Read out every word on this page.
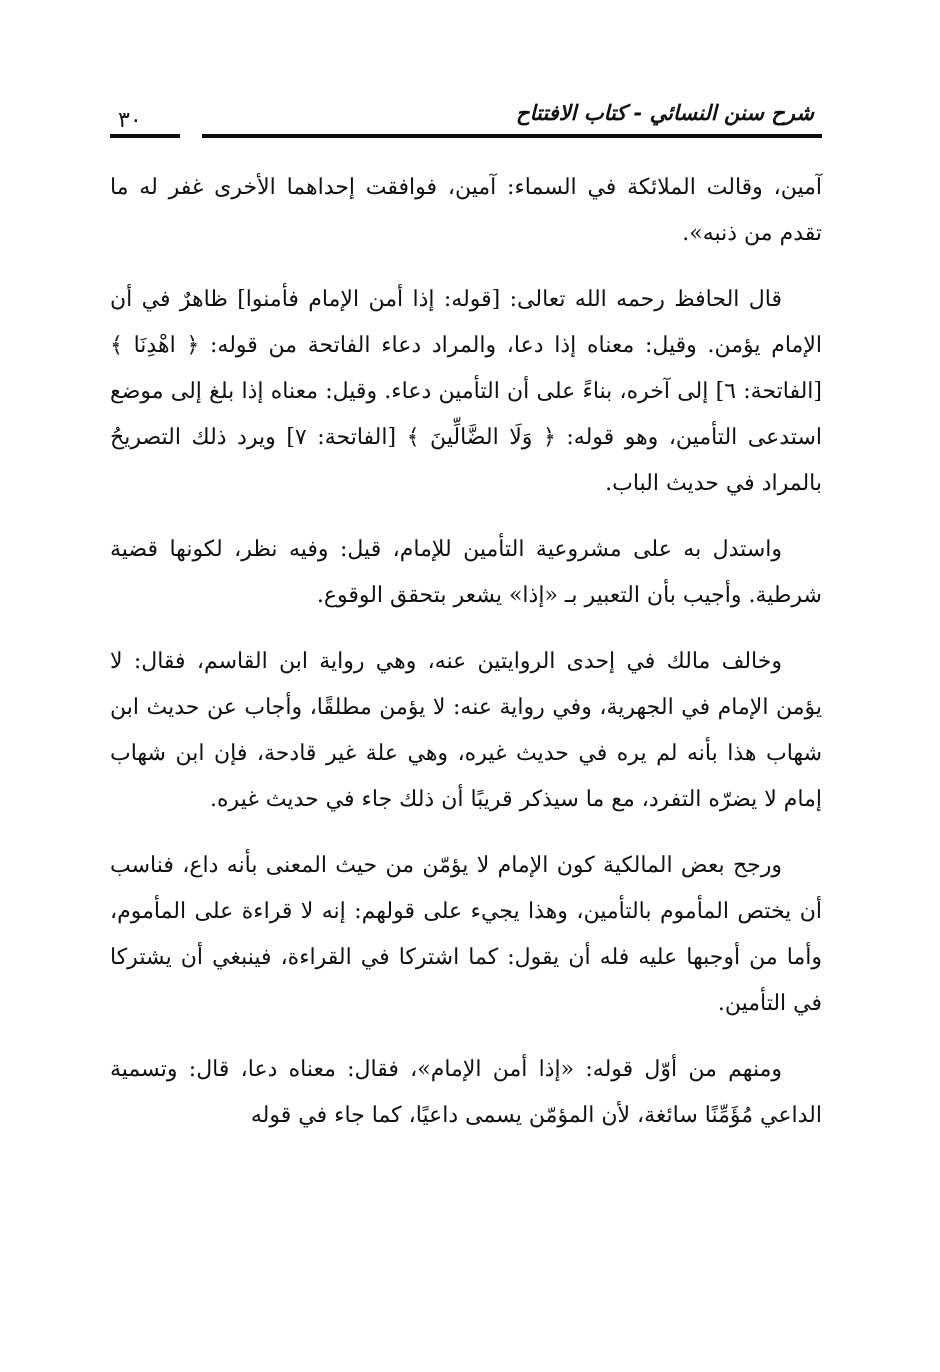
شرح سنن النسائي - كتاب الافتتاح
٣٠

آمين، وقالت الملائكة في السماء: آمين، فوافقت إحداهما الأخرى غفر له ما تقدم من ذنبه».

قال الحافظ رحمه الله تعالى: [قوله: إذا أمن الإمام فأمنوا] ظاهرٌ في أن الإمام يؤمن. وقيل: معناه إذا دعا، والمراد دعاء الفاتحة من قوله: ﴿ اهْدِنَا ﴾ [الفاتحة: ٦] إلى آخره، بناءً على أن التأمين دعاء. وقيل: معناه إذا بلغ إلى موضع استدعى التأمين، وهو قوله: ﴿ وَلَا الضَّالِّينَ ﴾ [الفاتحة: ٧] ويرد ذلك التصريحُ بالمراد في حديث الباب.

واستدل به على مشروعية التأمين للإمام، قيل: وفيه نظر، لكونها قضية شرطية. وأجيب بأن التعبير بـ «إذا» يشعر بتحقق الوقوع.

وخالف مالك في إحدى الروايتين عنه، وهي رواية ابن القاسم، فقال: لا يؤمن الإمام في الجهرية، وفي رواية عنه: لا يؤمن مطلقًا، وأجاب عن حديث ابن شهاب هذا بأنه لم يره في حديث غيره، وهي علة غير قادحة، فإن ابن شهاب إمام لا يضرّه التفرد، مع ما سيذكر قريبًا أن ذلك جاء في حديث غيره.

ورجح بعض المالكية كون الإمام لا يؤمّن من حيث المعنى بأنه داع، فناسب أن يختص المأموم بالتأمين، وهذا يجيء على قولهم: إنه لا قراءة على المأموم، وأما من أوجبها عليه فله أن يقول: كما اشتركا في القراءة، فينبغي أن يشتركا في التأمين.

ومنهم من أوّل قوله: «إذا أمن الإمام»، فقال: معناه دعا، قال: وتسمية الداعي مُؤَمِّنًا سائغة، لأن المؤمّن يسمى داعيًا، كما جاء في قوله
